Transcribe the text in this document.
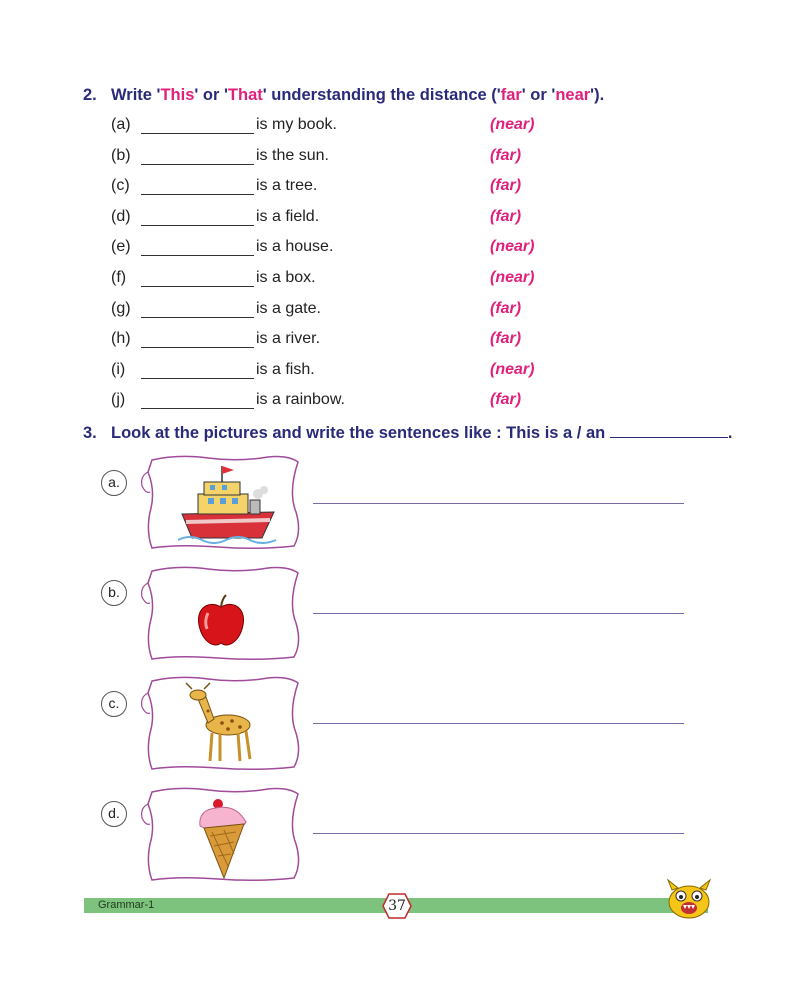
2. Write 'This' or 'That' understanding the distance ('far' or 'near').
(a)	is my book.	(near)
(b)	is the sun.	(far)
(c)	is a tree.	(far)
(d)	is a field.	(far)
(e)	is a house.	(near)
(f)	is a box.	(near)
(g)	is a gate.	(far)
(h)	is a river.	(far)
(i)	is a fish.	(near)
(j)	is a rainbow.	(far)
3. Look at the pictures and write the sentences like : This is a / an	.
a.
b.
c.
d.
Grammar-1	37
